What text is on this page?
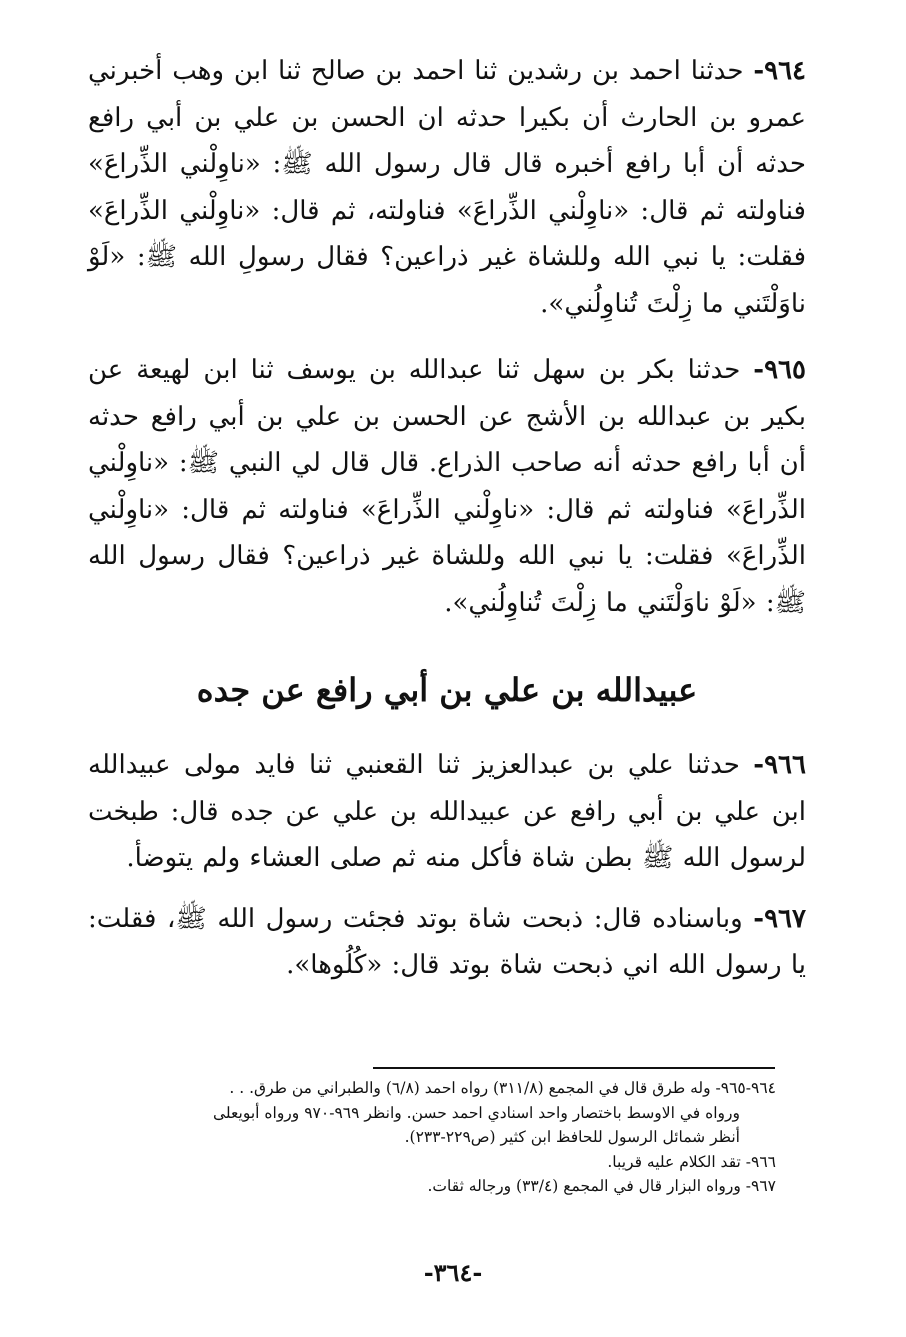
٩٦٤- حدثنا احمد بن رشدين ثنا احمد بن صالح ثنا ابن وهب أخبرني عمرو بن الحارث أن بكيرا حدثه ان الحسن بن علي بن أبي رافع حدثه أن أبا رافع أخبره قال قال رسول الله ﷺ: «ناوِلْني الذِّراعَ» فناولته ثم قال: «ناوِلْني الذِّراعَ» فناولته، ثم قال: «ناوِلْني الذِّراعَ» فقلت: يا نبي الله وللشاة غير ذراعين؟ فقال رسولِ الله ﷺ: «لَوْ ناوَلْتَني ما زِلْتَ تُناوِلُني».

٩٦٥- حدثنا بكر بن سهل ثنا عبدالله بن يوسف ثنا ابن لهيعة عن بكير بن عبدالله بن الأشج عن الحسن بن علي بن أبي رافع حدثه أن أبا رافع حدثه أنه صاحب الذراع. قال قال لي النبي ﷺ: «ناوِلْني الذِّراعَ» فناولته ثم قال: «ناوِلْني الذِّراعَ» فناولته ثم قال: «ناوِلْني الذِّراعَ» فقلت: يا نبي الله وللشاة غير ذراعين؟ فقال رسول الله ﷺ: «لَوْ ناوَلْتَني ما زِلْتَ تُناوِلُني».

عبيدالله بن علي بن أبي رافع عن جده

٩٦٦- حدثنا علي بن عبدالعزيز ثنا القعنبي ثنا فايد مولى عبيدالله ابن علي بن أبي رافع عن عبيدالله بن علي عن جده قال: طبخت لرسول الله ﷺ بطن شاة فأكل منه ثم صلى العشاء ولم يتوضأ.

٩٦٧- وباسناده قال: ذبحت شاة بوتد فجئت رسول الله ﷺ، فقلت: يا رسول الله اني ذبحت شاة بوتد قال: «كُلُوها».

٩٦٤-٩٦٥- وله طرق قال في المجمع (٣١١/٨) رواه احمد (٦/٨) والطبراني من طرق. . .

ورواه في الاوسط باختصار واحد اسنادي احمد حسن. وانظر ٩٦٩-٩٧٠ ورواه أبويعلى

أنظر شمائل الرسول للحافظ ابن كثير (ص٢٢٩-٢٣٣).

٩٦٦- تقد الكلام عليه قريبا.

٩٦٧- ورواه البزار قال في المجمع (٣٣/٤) ورجاله ثقات.

-٣٦٤-
